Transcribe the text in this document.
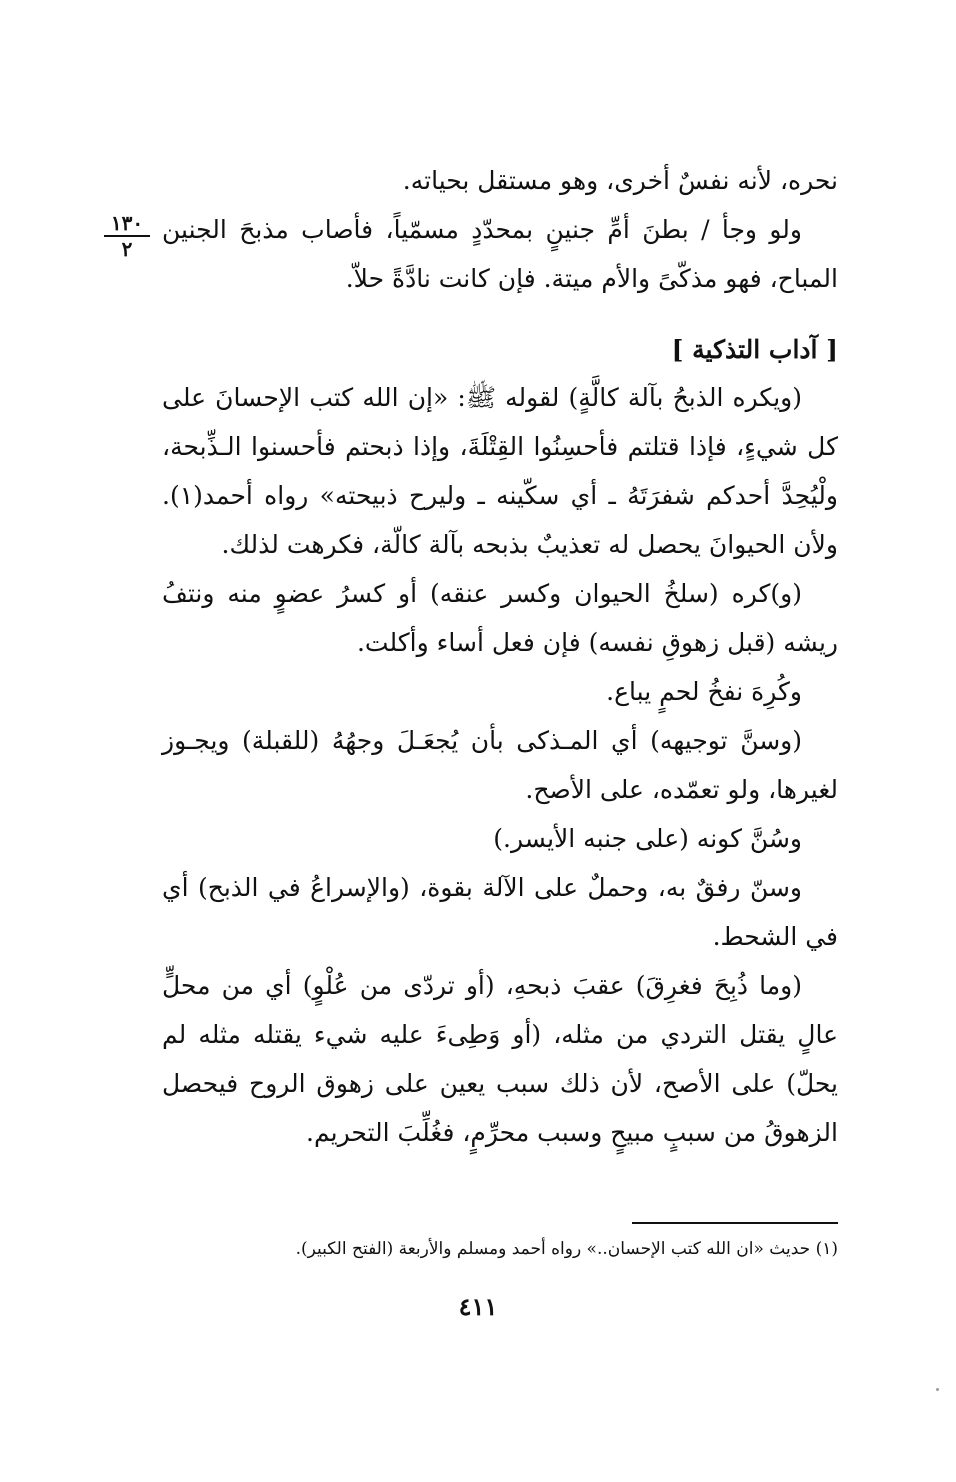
نحره، لأنه نفسٌ أخرى، وهو مستقل بحياته.

ولو وجأ / بطنَ أمِّ جنينٍ بمحدّدٍ مسمّياً، فأصاب مذبحَ الجنين المباح، فهو مذكّىً والأم ميتة. فإن كانت نادَّةً حلاّ.

١٣٠
٢
[ آداب التذكية ]

(ويكره الذبحُ بآلة كالَّةٍ) لقوله ﷺ: «إن الله كتب الإحسانَ على كل شيءٍ، فإذا قتلتم فأحسِنُوا القِتْلَةَ، وإذا ذبحتم فأحسنوا الـذِّبحة، ولْيُحِدَّ أحدكم شفرَتَهُ ـ أي سكّينه ـ وليرح ذبيحته» رواه أحمد(١). ولأن الحيوانَ يحصل له تعذيبٌ بذبحه بآلة كالّة، فكرهت لذلك.

(و)كره (سلخُ الحيوان وكسر عنقه) أو كسرُ عضوٍ منه ونتفُ ريشه (قبل زهوقِ نفسه) فإن فعل أساء وأكلت.

وكُرِهَ نفخُ لحمٍ يباع.

(وسنَّ توجيهه) أي المـذكى بأن يُجعَـلَ وجهُهُ (للقبلة) ويجـوز لغيرها، ولو تعمّده، على الأصح.

وسُنَّ كونه (على جنبه الأيسر.)

وسنّ رفقٌ به، وحملٌ على الآلة بقوة، (والإسراعُ في الذبح) أي في الشحط.

(وما ذُبِحَ فغرِقَ) عقبَ ذبحهِ، (أو تردّى من عُلْوٍ) أي من محلٍّ عالٍ يقتل التردي من مثله، (أو وَطِىءَ عليه شيء يقتله مثله لم يحلّ) على الأصح، لأن ذلك سبب يعين على زهوق الروح فيحصل الزهوقُ من سببٍ مبيحٍ وسبب محرِّمٍ، فغُلِّبَ التحريم.

(١) حديث «ان الله كتب الإحسان..» رواه أحمد ومسلم والأربعة (الفتح الكبير).
٤١١
